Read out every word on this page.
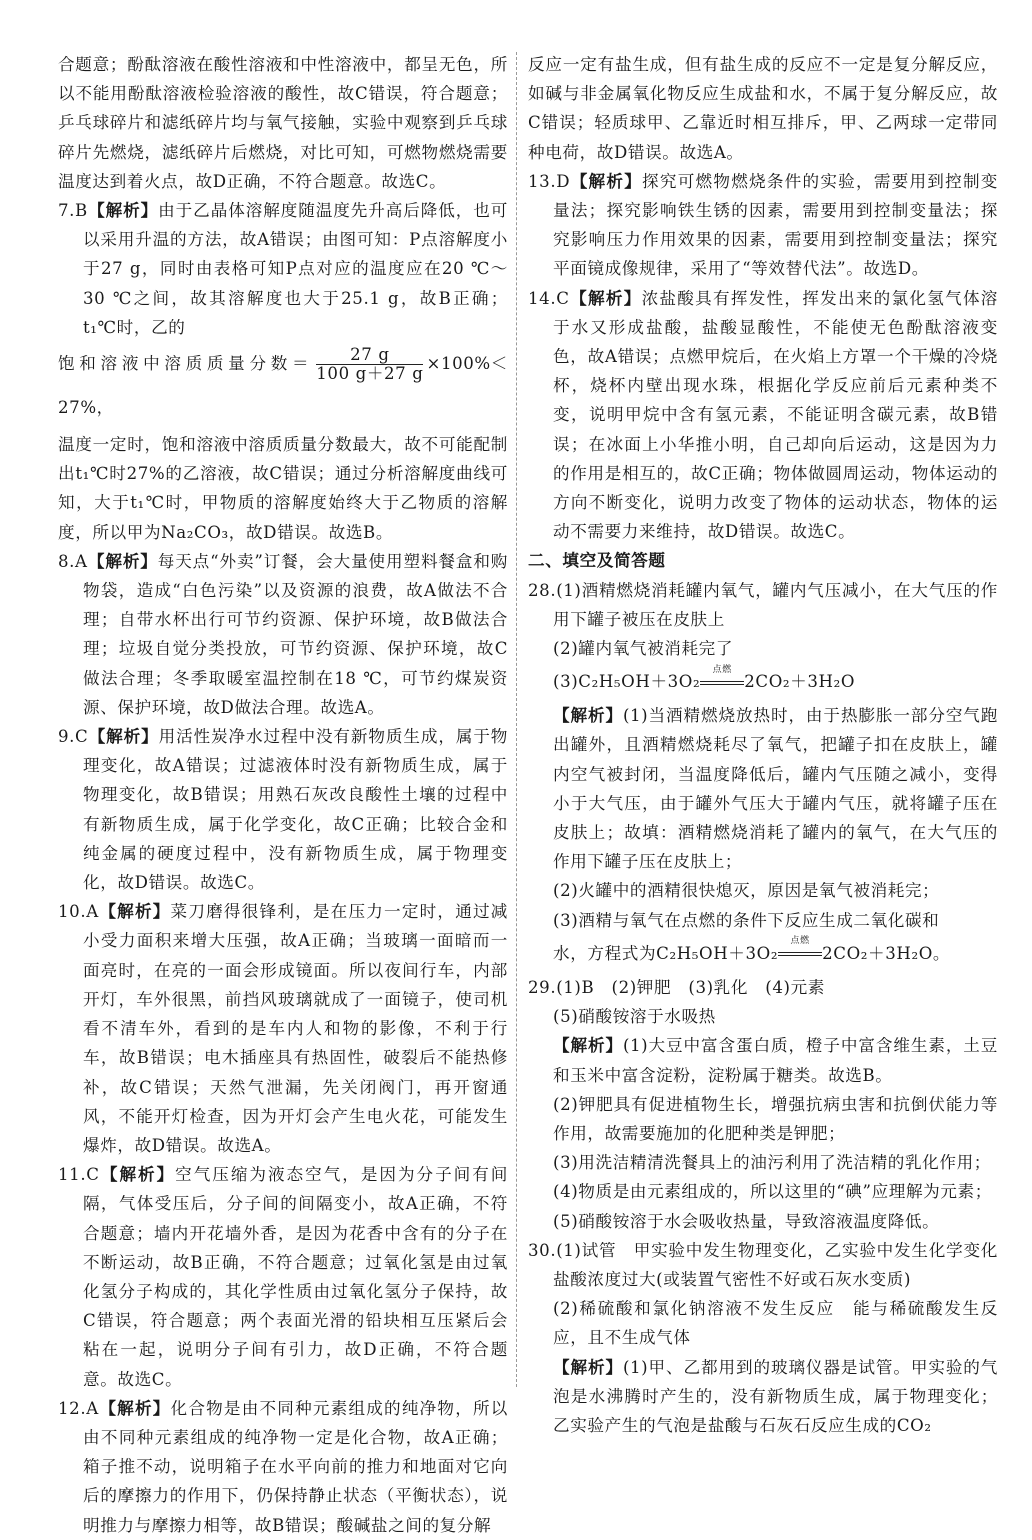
合题意；酚酞溶液在酸性溶液和中性溶液中，都呈无色，所以不能用酚酞溶液检验溶液的酸性，故C错误，符合题意；乒乓球碎片和滤纸碎片均与氧气接触，实验中观察到乒乓球碎片先燃烧，滤纸碎片后燃烧，对比可知，可燃物燃烧需要温度达到着火点，故D正确，不符合题意。故选C。

7.B【解析】由于乙晶体溶解度随温度先升高后降低，也可以采用升温的方法，故A错误；由图可知：P点溶解度小于27 g，同时由表格可知P点对应的温度应在20 ℃～30 ℃之间，故其溶解度也大于25.1 g，故B正确；t₁℃时，乙的

饱和溶液中溶质质量分数＝ $\frac{27 g}{100 g+27 g} \times 100\%<27\%$，

温度一定时，饱和溶液中溶质质量分数最大，故不可能配制出t₁℃时27%的乙溶液，故C错误；通过分析溶解度曲线可知，大于t₁℃时，甲物质的溶解度始终大于乙物质的溶解度，所以甲为Na₂CO₃，故D错误。故选B。

8.A【解析】每天点“外卖”订餐，会大量使用塑料餐盒和购物袋，造成“白色污染”以及资源的浪费，故A做法不合理；自带水杯出行可节约资源、保护环境，故B做法合理；垃圾自觉分类投放，可节约资源、保护环境，故C做法合理；冬季取暖室温控制在18 ℃，可节约煤炭资源、保护环境，故D做法合理。故选A。

9.C【解析】用活性炭净水过程中没有新物质生成，属于物理变化，故A错误；过滤液体时没有新物质生成，属于物理变化，故B错误；用熟石灰改良酸性土壤的过程中有新物质生成，属于化学变化，故C正确；比较合金和纯金属的硬度过程中，没有新物质生成，属于物理变化，故D错误。故选C。

10.A【解析】菜刀磨得很锋利，是在压力一定时，通过减小受力面积来增大压强，故A正确；当玻璃一面暗而一面亮时，在亮的一面会形成镜面。所以夜间行车，内部开灯，车外很黑，前挡风玻璃就成了一面镜子，使司机看不清车外，看到的是车内人和物的影像，不利于行车，故B错误；电木插座具有热固性，破裂后不能热修补，故C错误；天然气泄漏，先关闭阀门，再开窗通风，不能开灯检查，因为开灯会产生电火花，可能发生爆炸，故D错误。故选A。

11.C【解析】空气压缩为液态空气，是因为分子间有间隔，气体受压后，分子间的间隔变小，故A正确，不符合题意；墙内开花墙外香，是因为花香中含有的分子在不断运动，故B正确，不符合题意；过氧化氢是由过氧化氢分子构成的，其化学性质由过氧化氢分子保持，故C错误，符合题意；两个表面光滑的铅块相互压紧后会粘在一起，说明分子间有引力，故D正确，不符合题意。故选C。

12.A【解析】化合物是由不同种元素组成的纯净物，所以由不同种元素组成的纯净物一定是化合物，故A正确；箱子推不动，说明箱子在水平向前的推力和地面对它向后的摩擦力的作用下，仍保持静止状态（平衡状态），说明推力与摩擦力相等，故B错误；酸碱盐之间的复分解

反应一定有盐生成，但有盐生成的反应不一定是复分解反应，如碱与非金属氧化物反应生成盐和水，不属于复分解反应，故C错误；轻质球甲、乙靠近时相互排斥，甲、乙两球一定带同种电荷，故D错误。故选A。

13.D【解析】探究可燃物燃烧条件的实验，需要用到控制变量法；探究影响铁生锈的因素，需要用到控制变量法；探究影响压力作用效果的因素，需要用到控制变量法；探究平面镜成像规律，采用了“等效替代法”。故选D。

14.C【解析】浓盐酸具有挥发性，挥发出来的氯化氢气体溶于水又形成盐酸，盐酸显酸性，不能使无色酚酞溶液变色，故A错误；点燃甲烷后，在火焰上方罩一个干燥的冷烧杯，烧杯内壁出现水珠，根据化学反应前后元素种类不变，说明甲烷中含有氢元素，不能证明含碳元素，故B错误；在冰面上小华推小明，自己却向后运动，这是因为力的作用是相互的，故C正确；物体做圆周运动，物体运动的方向不断变化，说明力改变了物体的运动状态，物体的运动不需要力来维持，故D错误。故选C。

二、填空及简答题

28.(1)酒精燃烧消耗罐内氧气，罐内气压减小，在大气压的作用下罐子被压在皮肤上

(2)罐内氧气被消耗完了

(3)C₂H₅OH＋3O₂
点燃
2CO₂＋3H₂O

【解析】(1)当酒精燃烧放热时，由于热膨胀一部分空气跑出罐外，且酒精燃烧耗尽了氧气，把罐子扣在皮肤上，罐内空气被封闭，当温度降低后，罐内气压随之减小，变得小于大气压，由于罐外气压大于罐内气压，就将罐子压在皮肤上；故填：酒精燃烧消耗了罐内的氧气，在大气压的作用下罐子压在皮肤上；

(2)火罐中的酒精很快熄灭，原因是氧气被消耗完；

(3)酒精与氧气在点燃的条件下反应生成二氧化碳和

水，方程式为C₂H₅OH＋3O₂
点燃
2CO₂＋3H₂O。

29.(1)B　(2)钾肥　(3)乳化　(4)元素

(5)硝酸铵溶于水吸热

【解析】(1)大豆中富含蛋白质，橙子中富含维生素，土豆和玉米中富含淀粉，淀粉属于糖类。故选B。

(2)钾肥具有促进植物生长，增强抗病虫害和抗倒伏能力等作用，故需要施加的化肥种类是钾肥；

(3)用洗洁精清洗餐具上的油污利用了洗洁精的乳化作用；

(4)物质是由元素组成的，所以这里的“碘”应理解为元素；

(5)硝酸铵溶于水会吸收热量，导致溶液温度降低。

30.(1)试管　甲实验中发生物理变化，乙实验中发生化学变化　盐酸浓度过大(或装置气密性不好或石灰水变质)

(2)稀硫酸和氯化钠溶液不发生反应　能与稀硫酸发生反应，且不生成气体

【解析】(1)甲、乙都用到的玻璃仪器是试管。甲实验的气泡是水沸腾时产生的，没有新物质生成，属于物理变化；乙实验产生的气泡是盐酸与石灰石反应生成的CO₂
